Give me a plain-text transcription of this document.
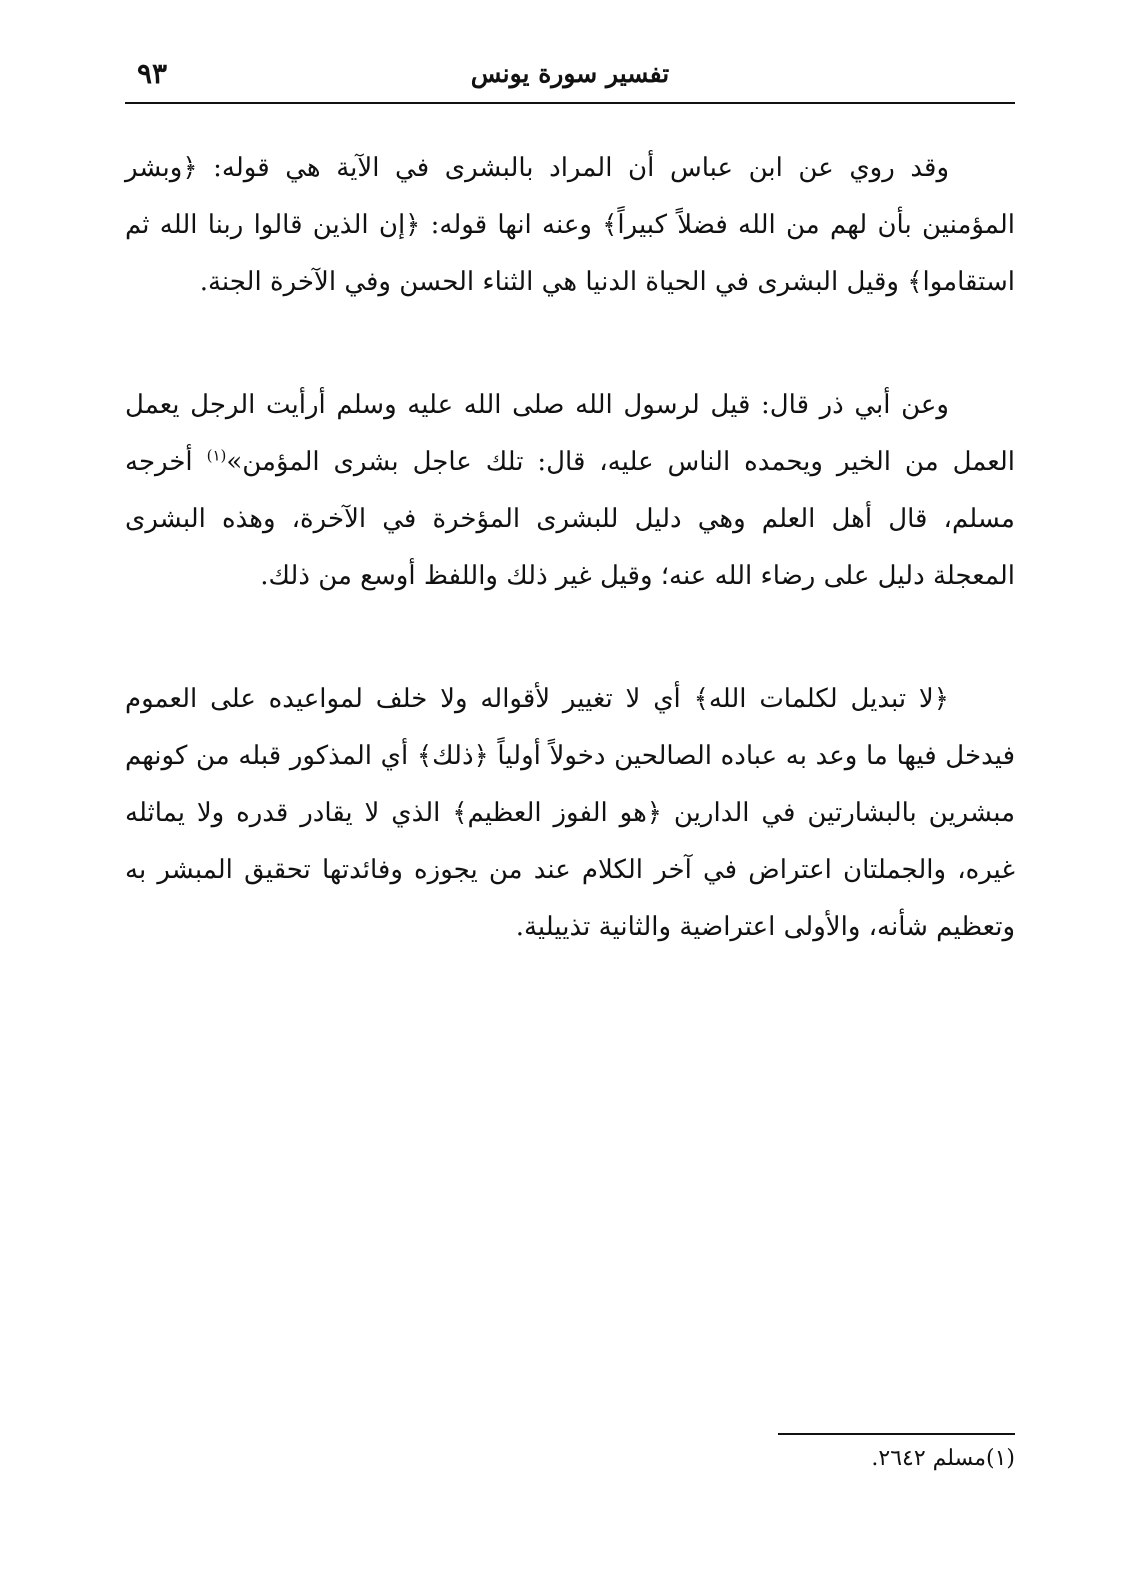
٩٣	تفسير سورة يونس

وقد روي عن ابن عباس أن المراد بالبشرى في الآية هي قوله: ﴿وبشر المؤمنين بأن لهم من الله فضلاً كبيراً﴾ وعنه انها قوله: ﴿إن الذين قالوا ربنا الله ثم استقاموا﴾ وقيل البشرى في الحياة الدنيا هي الثناء الحسن وفي الآخرة الجنة.

وعن أبي ذر قال: قيل لرسول الله صلى الله عليه وسلم أرأيت الرجل يعمل العمل من الخير ويحمده الناس عليه، قال: تلك عاجل بشرى المؤمن»$^{(١)}$ أخرجه مسلم، قال أهل العلم وهي دليل للبشرى المؤخرة في الآخرة، وهذه البشرى المعجلة دليل على رضاء الله عنه؛ وقيل غير ذلك واللفظ أوسع من ذلك.

﴿لا تبديل لكلمات الله﴾ أي لا تغيير لأقواله ولا خلف لمواعيده على العموم فيدخل فيها ما وعد به عباده الصالحين دخولاً أولياً ﴿ذلك﴾ أي المذكور قبله من كونهم مبشرين بالبشارتين في الدارين ﴿هو الفوز العظيم﴾ الذي لا يقادر قدره ولا يماثله غيره، والجملتان اعتراض في آخر الكلام عند من يجوزه وفائدتها تحقيق المبشر به وتعظيم شأنه، والأولى اعتراضية والثانية تذييلية.

(١)مسلم ٢٦٤٢.
